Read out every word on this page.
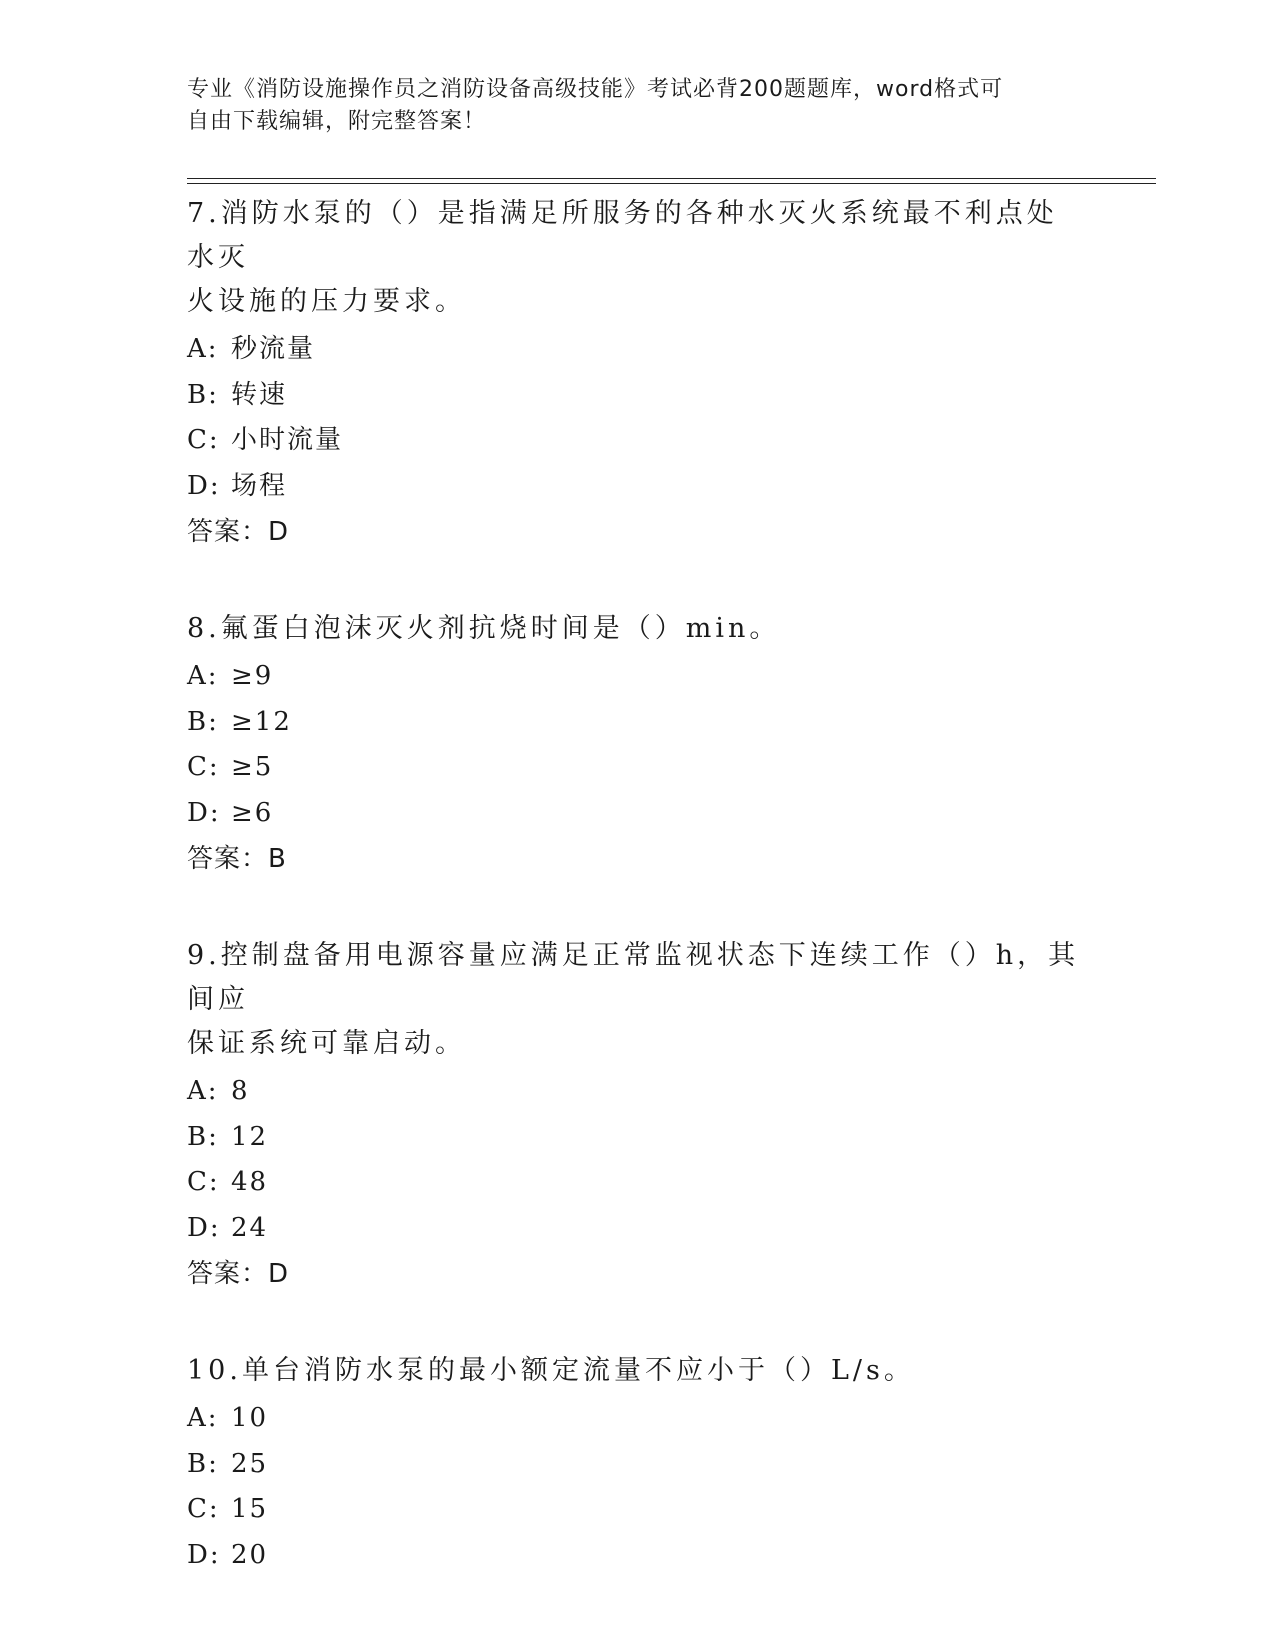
专业《消防设施操作员之消防设备高级技能》考试必背200题题库，word格式可
自由下载编辑，附完整答案！
7.消防水泵的（）是指满足所服务的各种水灭火系统最不利点处水灭
火设施的压力要求。
A: 秒流量
B: 转速
C: 小时流量
D: 场程
答案：D
8.氟蛋白泡沫灭火剂抗烧时间是（）min。
A: ≥9
B: ≥12
C: ≥5
D: ≥6
答案：B
9.控制盘备用电源容量应满足正常监视状态下连续工作（）h，其间应
保证系统可靠启动。
A: 8
B: 12
C: 48
D: 24
答案：D
10.单台消防水泵的最小额定流量不应小于（）L/s。
A: 10
B: 25
C: 15
D: 20
